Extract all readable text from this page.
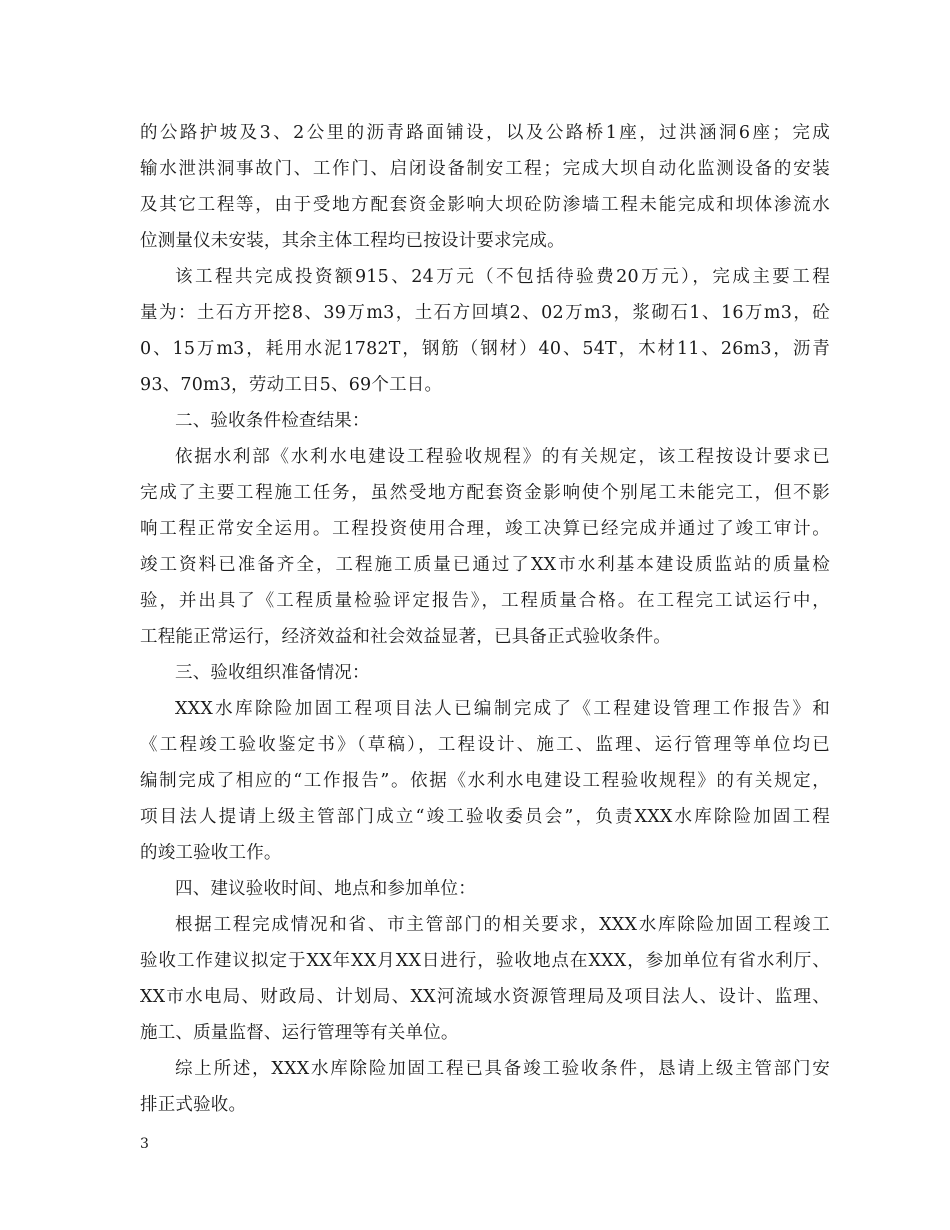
的公路护坡及3、2公里的沥青路面铺设，以及公路桥1座，过洪涵洞6座；完成
输水泄洪洞事故门、工作门、启闭设备制安工程；完成大坝自动化监测设备的安装
及其它工程等，由于受地方配套资金影响大坝砼防渗墙工程未能完成和坝体渗流水
位测量仪未安装，其余主体工程均已按设计要求完成。
该工程共完成投资额915、24万元（不包括待验费20万元），完成主要工程
量为：土石方开挖8、39万m3，土石方回填2、02万m3，浆砌石1、16万m3，砼
0、15万m3，耗用水泥1782T，钢筋（钢材）40、54T，木材11、26m3，沥青
93、70m3，劳动工日5、69个工日。
二、验收条件检查结果：
依据水利部《水利水电建设工程验收规程》的有关规定，该工程按设计要求已
完成了主要工程施工任务，虽然受地方配套资金影响使个别尾工未能完工，但不影
响工程正常安全运用。工程投资使用合理，竣工决算已经完成并通过了竣工审计。
竣工资料已准备齐全，工程施工质量已通过了XX市水利基本建设质监站的质量检
验，并出具了《工程质量检验评定报告》，工程质量合格。在工程完工试运行中，
工程能正常运行，经济效益和社会效益显著，已具备正式验收条件。
三、验收组织准备情况：
XXX水库除险加固工程项目法人已编制完成了《工程建设管理工作报告》和
《工程竣工验收鉴定书》（草稿），工程设计、施工、监理、运行管理等单位均已
编制完成了相应的“工作报告”。依据《水利水电建设工程验收规程》的有关规定，
项目法人提请上级主管部门成立“竣工验收委员会”，负责XXX水库除险加固工程
的竣工验收工作。
四、建议验收时间、地点和参加单位：
根据工程完成情况和省、市主管部门的相关要求，XXX水库除险加固工程竣工
验收工作建议拟定于XX年XX月XX日进行，验收地点在XXX，参加单位有省水利厅、
XX市水电局、财政局、计划局、XX河流域水资源管理局及项目法人、设计、监理、
施工、质量监督、运行管理等有关单位。
综上所述，XXX水库除险加固工程已具备竣工验收条件，恳请上级主管部门安
排正式验收。
3
